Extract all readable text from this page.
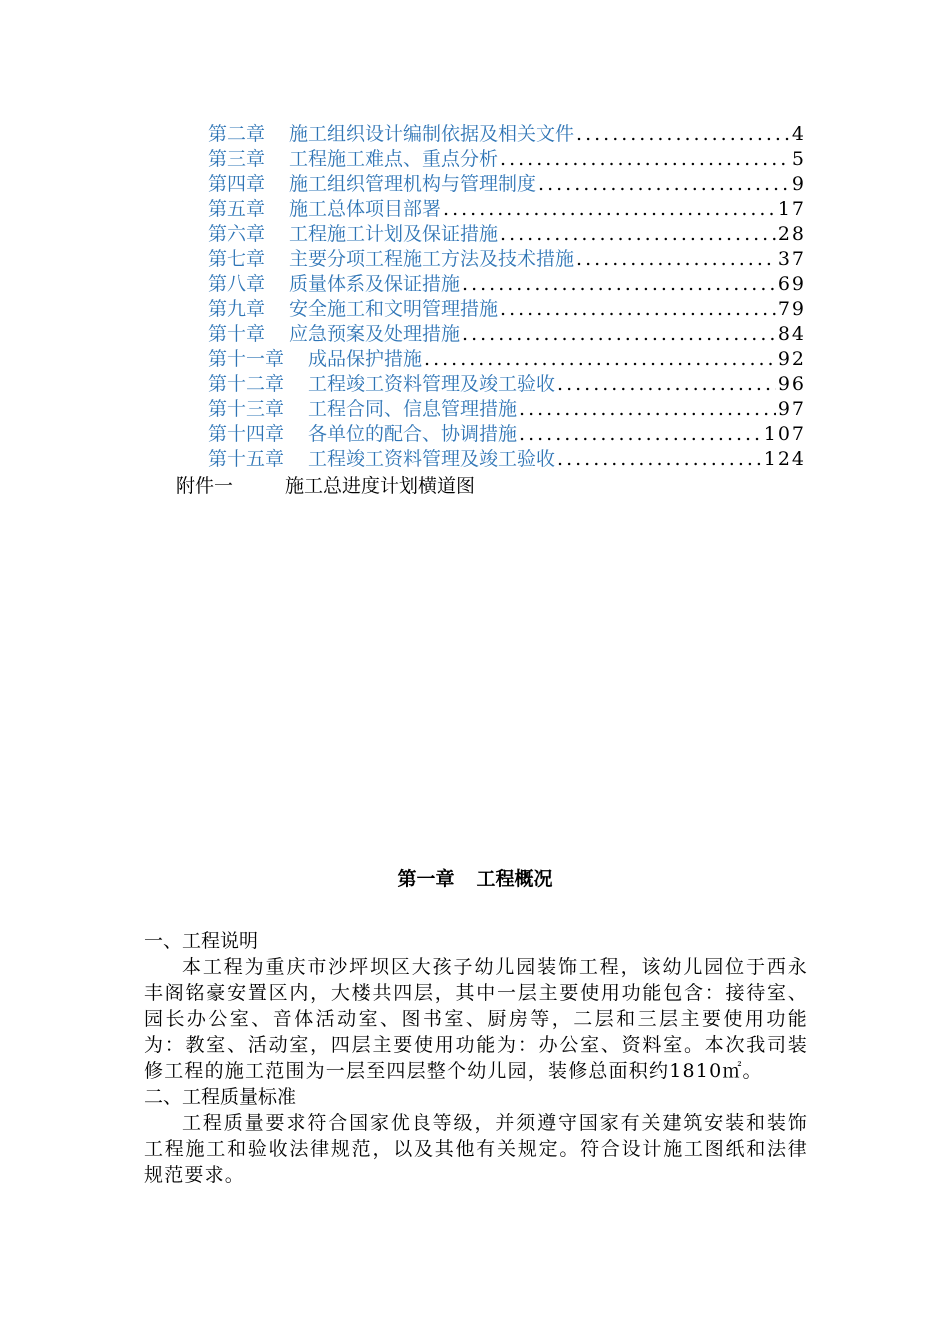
第二章 施工组织设计编制依据及相关文件 .....	4
第三章 工程施工难点、重点分析 .....	5
第四章 施工组织管理机构与管理制度 .....	9
第五章 施工总体项目部署 .....	17
第六章 工程施工计划及保证措施 .....	28
第七章 主要分项工程施工方法及技术措施 .....	37
第八章 质量体系及保证措施 .....	69
第九章 安全施工和文明管理措施 .....	79
第十章 应急预案及处理措施 .....	84
第十一章 成品保护措施 .....	92
第十二章 工程竣工资料管理及竣工验收 .....	96
第十三章 工程合同、信息管理措施 .....	97
第十四章 各单位的配合、协调措施 .....	107
第十五章 工程竣工资料管理及竣工验收 .....	124
附件一	施工总进度计划横道图
第一章 工程概况

一、工程说明

本工程为重庆市沙坪坝区大孩子幼儿园装饰工程，该幼儿园位于西永丰阁铭豪安置区内，大楼共四层，其中一层主要使用功能包含：接待室、园长办公室、音体活动室、图书室、厨房等，二层和三层主要使用功能为：教室、活动室，四层主要使用功能为：办公室、资料室。本次我司装修工程的施工范围为一层至四层整个幼儿园，装修总面积约1810㎡。

二、工程质量标准

工程质量要求符合国家优良等级，并须遵守国家有关建筑安装和装饰工程施工和验收法律规范，以及其他有关规定。符合设计施工图纸和法律规范要求。
